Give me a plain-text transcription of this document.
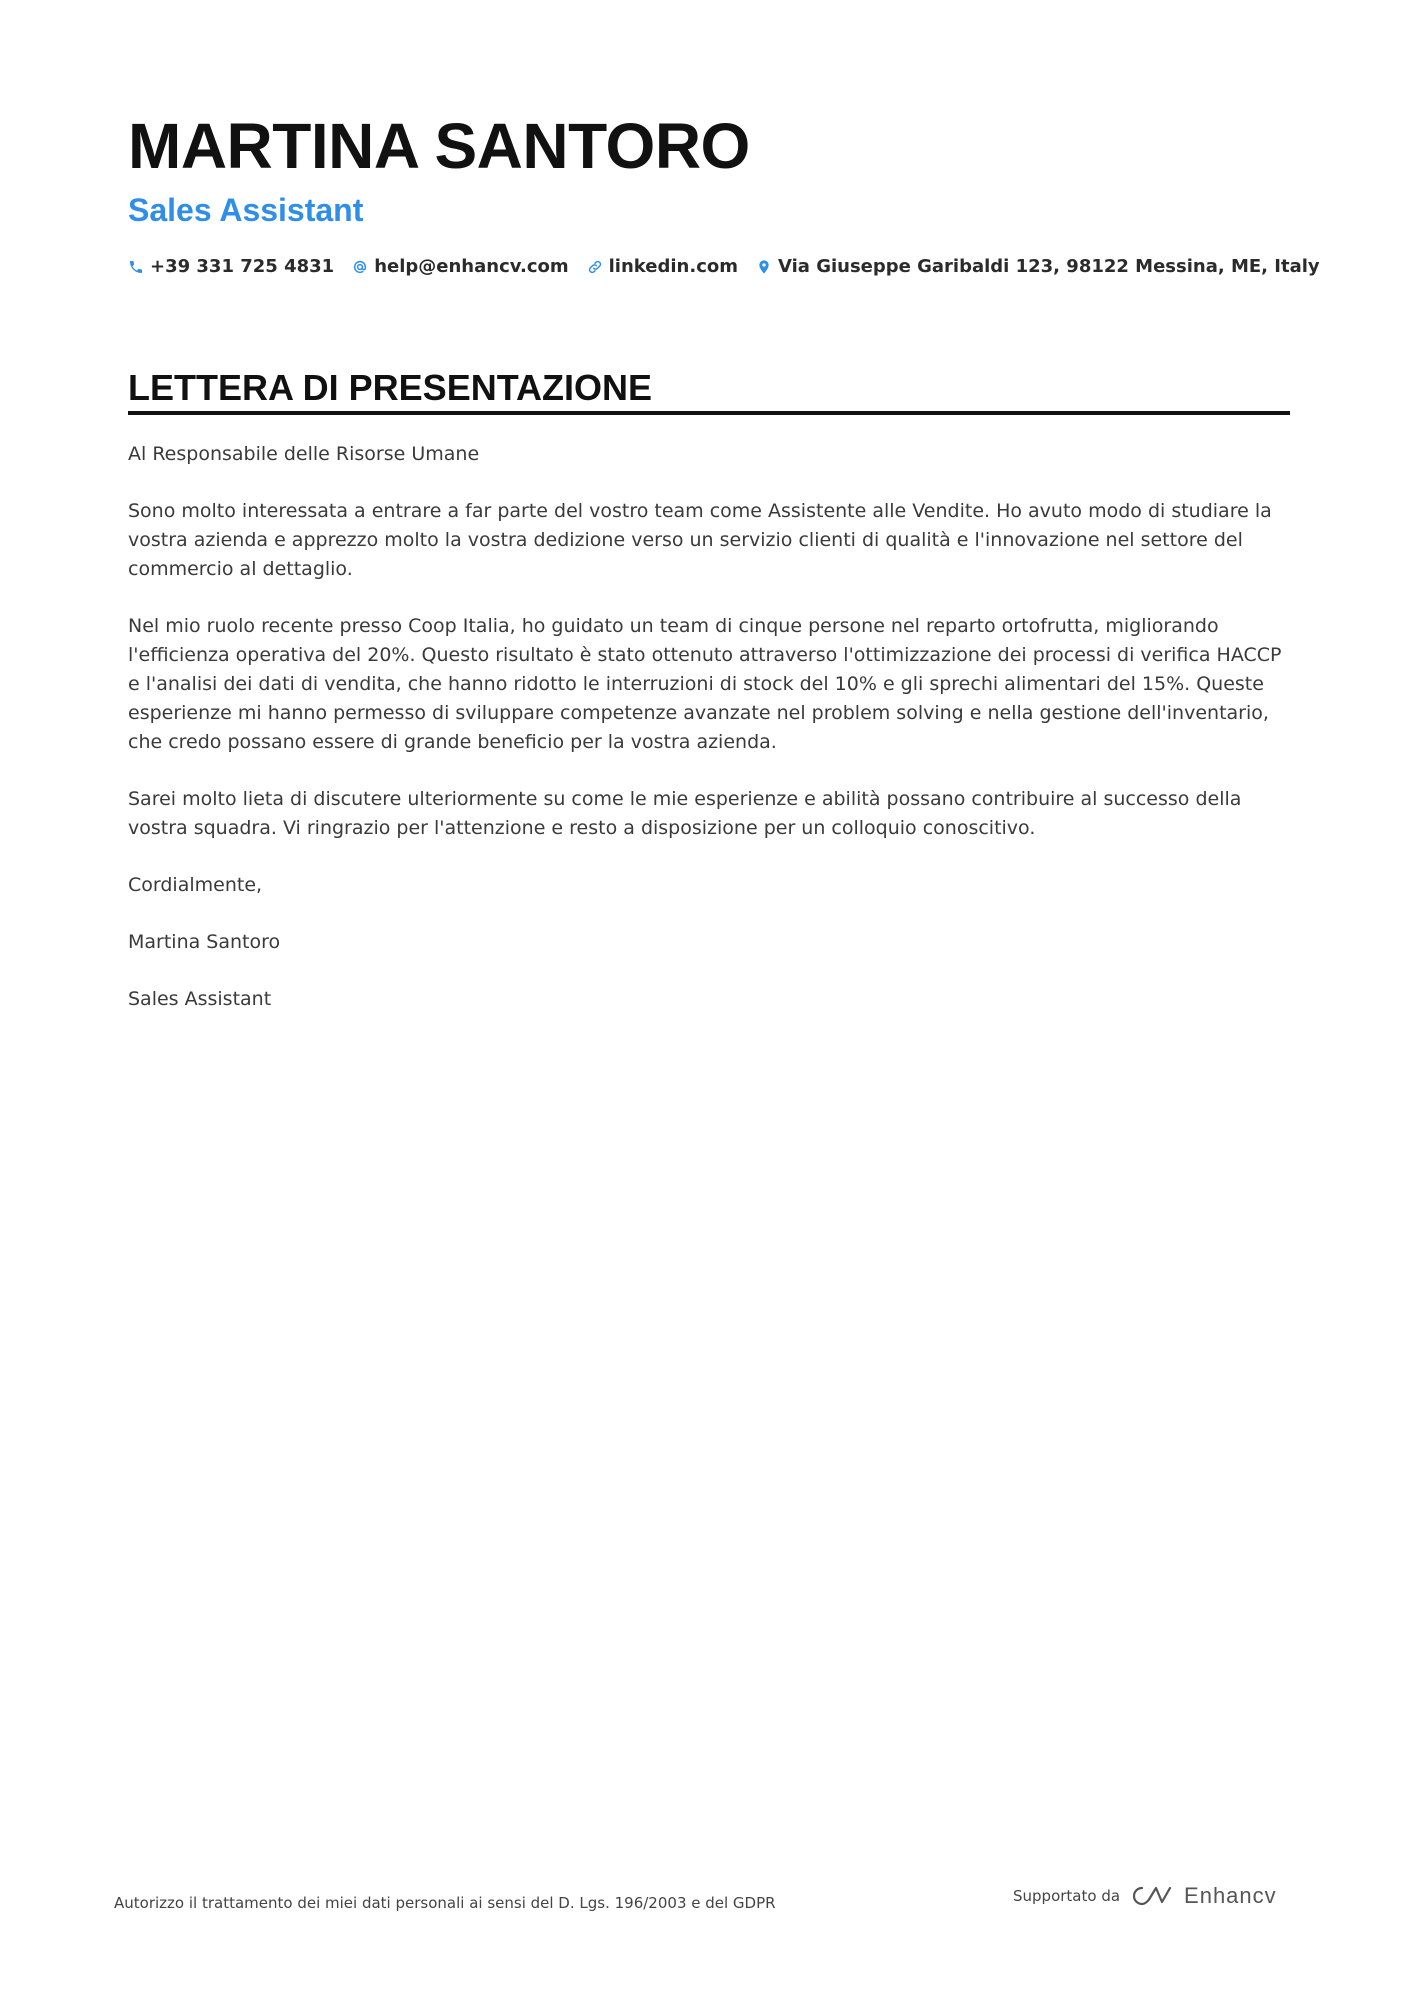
MARTINA SANTORO
Sales Assistant
+39 331 725 4831 help@enhancv.com linkedin.com Via Giuseppe Garibaldi 123, 98122 Messina, ME, Italy
LETTERA DI PRESENTAZIONE

Al Responsabile delle Risorse Umane

Sono molto interessata a entrare a far parte del vostro team come Assistente alle Vendite. Ho avuto modo di studiare la vostra azienda e apprezzo molto la vostra dedizione verso un servizio clienti di qualità e l'innovazione nel settore del commercio al dettaglio.

Nel mio ruolo recente presso Coop Italia, ho guidato un team di cinque persone nel reparto ortofrutta, migliorando l'efficienza operativa del 20%. Questo risultato è stato ottenuto attraverso l'ottimizzazione dei processi di verifica HACCP e l'analisi dei dati di vendita, che hanno ridotto le interruzioni di stock del 10% e gli sprechi alimentari del 15%. Queste esperienze mi hanno permesso di sviluppare competenze avanzate nel problem solving e nella gestione dell'inventario, che credo possano essere di grande beneficio per la vostra azienda.

Sarei molto lieta di discutere ulteriormente su come le mie esperienze e abilità possano contribuire al successo della vostra squadra. Vi ringrazio per l'attenzione e resto a disposizione per un colloquio conoscitivo.

Cordialmente,

Martina Santoro

Sales Assistant

Autorizzo il trattamento dei miei dati personali ai sensi del D. Lgs. 196/2003 e del GDPR	Supportato da	Enhancv
